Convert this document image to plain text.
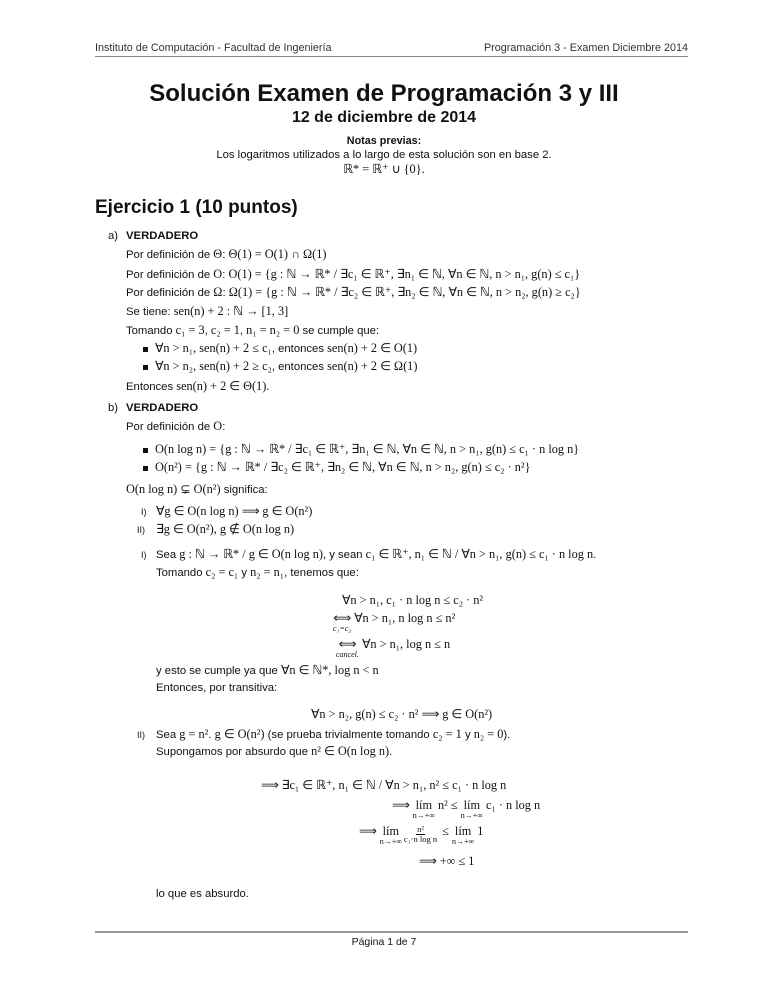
Instituto de Computación - Facultad de Ingeniería	Programación 3 - Examen Diciembre 2014
Solución Examen de Programación 3 y III
12 de diciembre de 2014
Notas previas:
Los logaritmos utilizados a lo largo de esta solución son en base 2.
ℝ* = ℝ⁺ ∪ {0}.
Ejercicio 1 (10 puntos)
a) VERDADERO
Por definición de Θ: Θ(1) = O(1) ∩ Ω(1)
Por definición de O: O(1) = {g : ℕ → ℝ* / ∃c₁ ∈ ℝ⁺, ∃n₁ ∈ ℕ, ∀n ∈ ℕ, n > n₁, g(n) ≤ c₁}
Por definición de Ω: Ω(1) = {g : ℕ → ℝ* / ∃c₂ ∈ ℝ⁺, ∃n₂ ∈ ℕ, ∀n ∈ ℕ, n > n₂, g(n) ≥ c₂}
Se tiene: sen(n) + 2 : ℕ → [1, 3]
Tomando c₁ = 3, c₂ = 1, n₁ = n₂ = 0 se cumple que:
∀n > n₁, sen(n) + 2 ≤ c₁, entonces sen(n) + 2 ∈ O(1)
∀n > n₂, sen(n) + 2 ≥ c₂, entonces sen(n) + 2 ∈ Ω(1)
Entonces sen(n) + 2 ∈ Θ(1).
b) VERDADERO
Por definición de O:
O(n log n) = {g : ℕ → ℝ* / ∃c₁ ∈ ℝ⁺, ∃n₁ ∈ ℕ, ∀n ∈ ℕ, n > n₁, g(n) ≤ c₁ · n log n}
O(n²) = {g : ℕ → ℝ* / ∃c₂ ∈ ℝ⁺, ∃n₂ ∈ ℕ, ∀n ∈ ℕ, n > n₂, g(n) ≤ c₂ · n²}
O(n log n) ⊊ O(n²) significa:
I) ∀g ∈ O(n log n) ⟹ g ∈ O(n²)
II) ∃g ∈ O(n²), g ∉ O(n log n)
I) Sea g : ℕ → ℝ* / g ∈ O(n log n), y sean c₁ ∈ ℝ⁺, n₁ ∈ ℕ / ∀n > n₁, g(n) ≤ c₁ · n log n.
Tomando c₂ = c₁ y n₂ = n₁, tenemos que:
∀n > n₁, c₁ · n log n ≤ c₂ · n²
⟺
c₁=c₂
∀n > n₁, n log n ≤ n²
⟺
cancel.
∀n > n₁, log n ≤ n
y esto se cumple ya que ∀n ∈ ℕ*, log n < n
Entonces, por transitiva:
∀n > n₂, g(n) ≤ c₂ · n² ⟹ g ∈ O(n²)
II) Sea g = n². g ∈ O(n²) (se prueba trivialmente tomando c₂ = 1 y n₂ = 0).
Supongamos por absurdo que n² ∈ O(n log n).
⟹ ∃c₁ ∈ ℝ⁺, n₁ ∈ ℕ / ∀n > n₁, n² ≤ c₁ · n log n
⟹ lím
n→+∞
n² ≤ lím
n→+∞
c₁ · n log n
⟹ lím
$n\to+\infty \frac{\text{n²}}{\text{c₁·n log n}}$ ≤ lím
n→+∞
1
⟹ +∞ ≤ 1
lo que es absurdo.
Página 1 de 7
